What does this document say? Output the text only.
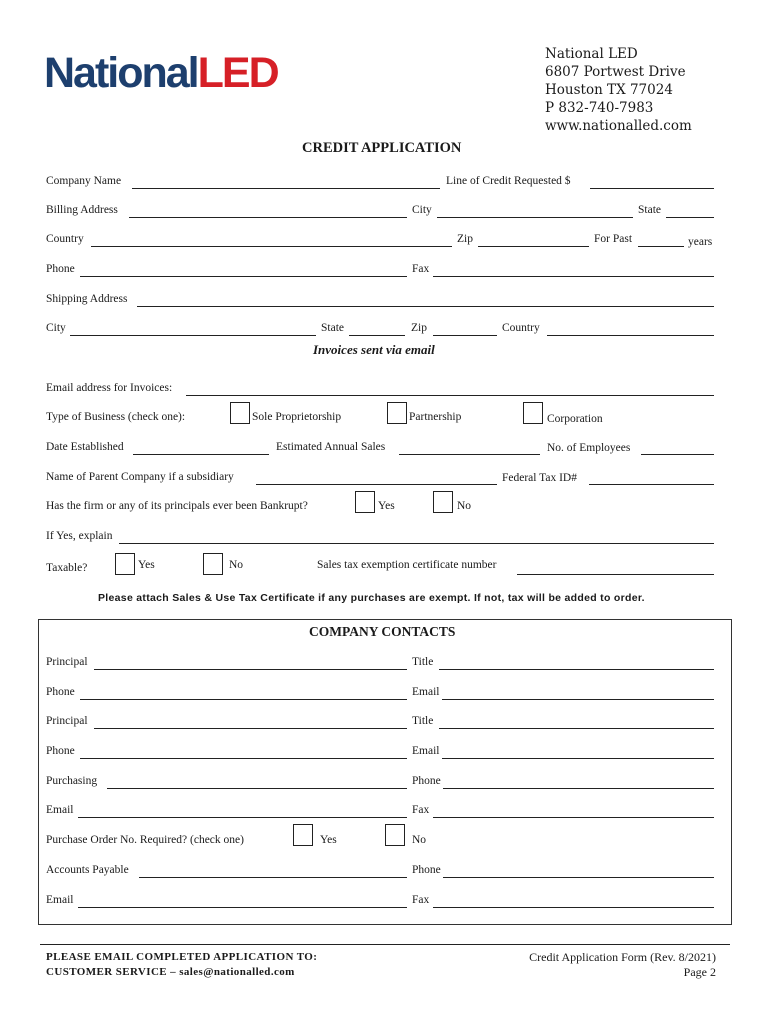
NationalLED	National LED
6807 Portwest Drive
Houston TX 77024
P 832-740-7983
www.nationalled.com
CREDIT APPLICATION
Company Name	Line of Credit Requested $
Billing Address	City	State
Country	Zip	For Past	years
Phone	Fax
Shipping Address
City	State	Zip	Country
Invoices sent via email
Email address for Invoices:
Type of Business (check one):	Sole Proprietorship	Partnership	Corporation
Date Established	Estimated Annual Sales	No. of Employees
Name of Parent Company if a subsidiary	Federal Tax ID#
Has the firm or any of its principals ever been Bankrupt?	Yes	No
If Yes, explain
Taxable?	Yes	No	Sales tax exemption certificate number
Please attach Sales & Use Tax Certificate if any purchases are exempt. If not, tax will be added to order.
COMPANY CONTACTS
Principal	Title
Phone	Email
Principal	Title
Phone	Email
Purchasing	Phone
Email	Fax
Purchase Order No. Required? (check one)	Yes	No
Accounts Payable	Phone
Email	Fax
PLEASE EMAIL COMPLETED APPLICATION TO:
CUSTOMER SERVICE – sales@nationalled.com
Credit Application Form (Rev. 8/2021)
Page 2
